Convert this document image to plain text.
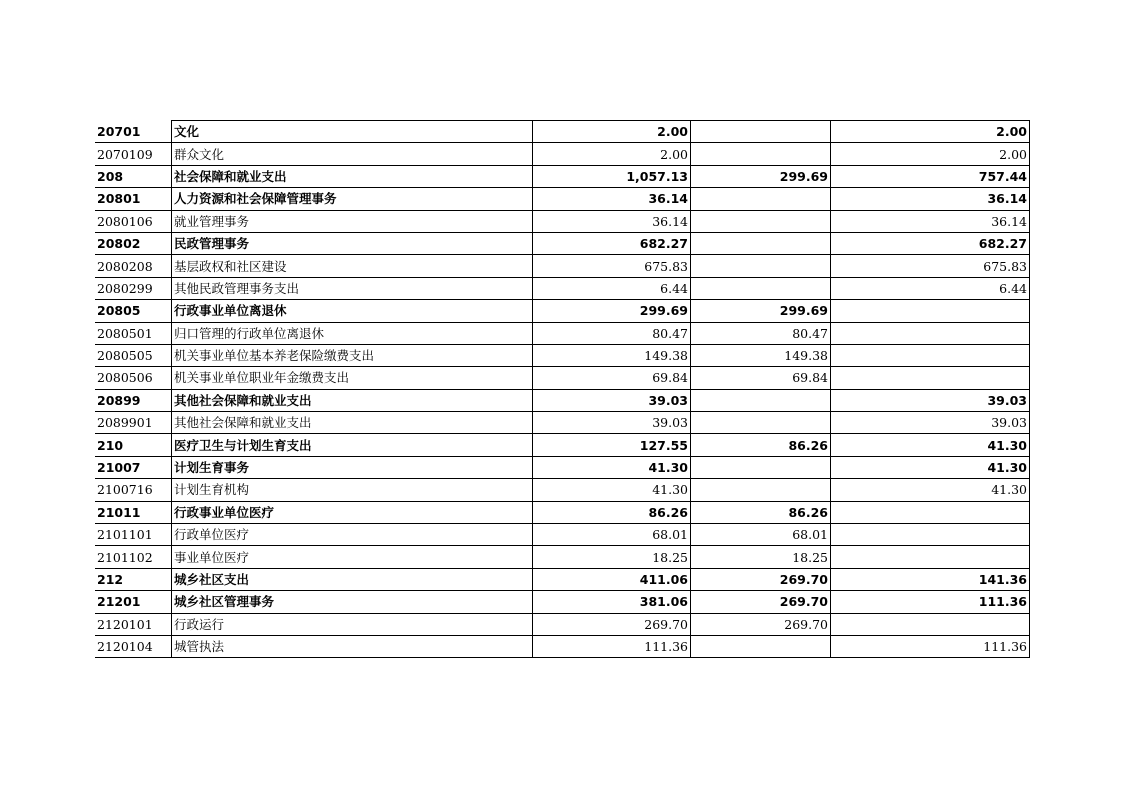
20701	文化	2.00		2.00
2070109	群众文化	2.00		2.00
208	社会保障和就业支出	1,057.13	299.69	757.44
20801	人力资源和社会保障管理事务	36.14		36.14
2080106	就业管理事务	36.14		36.14
20802	民政管理事务	682.27		682.27
2080208	基层政权和社区建设	675.83		675.83
2080299	其他民政管理事务支出	6.44		6.44
20805	行政事业单位离退休	299.69	299.69	
2080501	归口管理的行政单位离退休	80.47	80.47	
2080505	机关事业单位基本养老保险缴费支出	149.38	149.38	
2080506	机关事业单位职业年金缴费支出	69.84	69.84	
20899	其他社会保障和就业支出	39.03		39.03
2089901	其他社会保障和就业支出	39.03		39.03
210	医疗卫生与计划生育支出	127.55	86.26	41.30
21007	计划生育事务	41.30		41.30
2100716	计划生育机构	41.30		41.30
21011	行政事业单位医疗	86.26	86.26	
2101101	行政单位医疗	68.01	68.01	
2101102	事业单位医疗	18.25	18.25	
212	城乡社区支出	411.06	269.70	141.36
21201	城乡社区管理事务	381.06	269.70	111.36
2120101	行政运行	269.70	269.70	
2120104	城管执法	111.36		111.36
